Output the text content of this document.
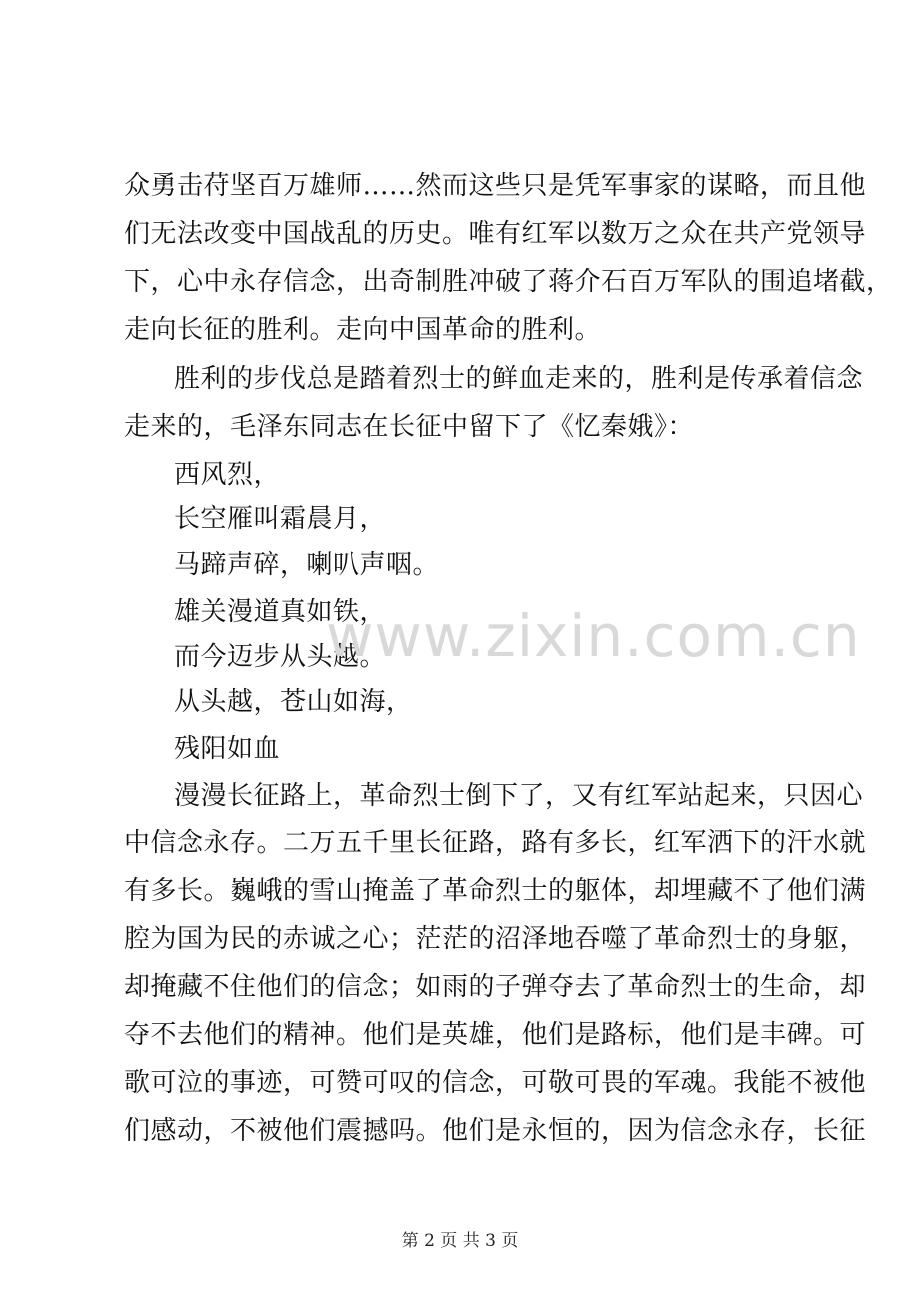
众勇击苻坚百万雄师……然而这些只是凭军事家的谋略，而且他
们无法改变中国战乱的历史。唯有红军以数万之众在共产党领导
下，心中永存信念，出奇制胜冲破了蒋介石百万军队的围追堵截，
走向长征的胜利。走向中国革命的胜利。
胜利的步伐总是踏着烈士的鲜血走来的，胜利是传承着信念
走来的，毛泽东同志在长征中留下了《忆秦娥》：
西风烈，
长空雁叫霜晨月，
马蹄声碎，喇叭声咽。
雄关漫道真如铁，
而今迈步从头越。
从头越，苍山如海，
残阳如血
漫漫长征路上，革命烈士倒下了，又有红军站起来，只因心
中信念永存。二万五千里长征路，路有多长，红军洒下的汗水就
有多长。巍峨的雪山掩盖了革命烈士的躯体，却埋藏不了他们满
腔为国为民的赤诚之心；茫茫的沼泽地吞噬了革命烈士的身躯，
却掩藏不住他们的信念；如雨的子弹夺去了革命烈士的生命，却
夺不去他们的精神。他们是英雄，他们是路标，他们是丰碑。可
歌可泣的事迹，可赞可叹的信念，可敬可畏的军魂。我能不被他
们感动，不被他们震撼吗。他们是永恒的，因为信念永存，长征
www.zixin.com.cn
第 2 页 共 3 页
